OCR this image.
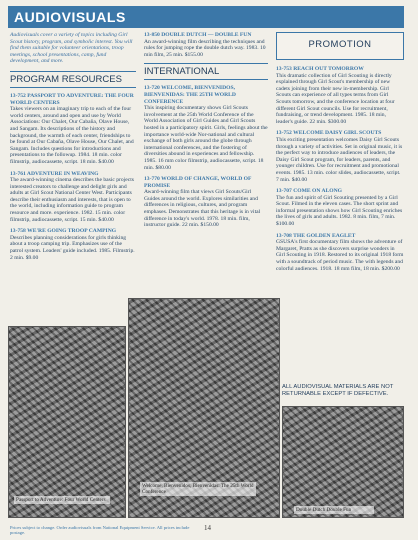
AUDIOVISUALS

Audiovisuals cover a variety of topics including Girl Scout history, program, and symbolic interest. You will find them suitable for volunteer orientations, troop meetings, school presentations, camp, fund development, and more.

PROGRAM RESOURCES
13-752 PASSPORT TO ADVENTURE: THE FOUR WORLD CENTERS
Takes viewers on an imaginary trip to each of the four world centers, around and open and use by World Associations: Our Chalet, Our Cabaña, Olave House, and Sangam. Its descriptions of the history and background, the warmth of each center, friendships to be found at Our Cabaña, Olave House, Our Chalet, and Sangam. Includes questions for introductions and presentations to the followup. 1984. 18 min. color filmstrip, audiocassette, script. 18 min. $40.00
13-761 ADVENTURE IN WEAVING
The award-winning cinema describes the basic projects interested creators to challenge and delight girls and adults at Girl Scout National Center West. Participants describe their enthusiasm and interests, that is open to the world, including information guide to program resource and more. experience. 1982. 15 min. color filmstrip, audiocassette, script. 15 min. $40.00
13-758 WE'RE GOING TROOP CAMPING
Describes planning considerations for girls thinking about a troop camping trip. Emphasizes use of the patrol system. Leaders' guide included. 1985. Filmstrip. 2 min. $9.00
13-850 DOUBLE DUTCH — DOUBLE FUN
An award-winning film describing the techniques and rules for jumping rope the double dutch way. 1983. 10 min film, 25 min. $155.00
INTERNATIONAL
13-720 WELCOME, BIENVENIDOS, BIENVENIDAS: THE 25TH WORLD CONFERENCE
This inspiring documentary shows Girl Scouts involvement at the 25th World Conference of the World Association of Girl Guides and Girl Scouts hosted in a participatory spirit. Girls, feelings about the importance world-wide Nor-national and cultural exchange of both girls around the globe through international conferences, and the fostering of diversities abound in experiences and fellowship. 1985. 16 mm color filmstrip, audiocassette, script. 18 min. $80.00
13-770 WORLD OF CHANGE, WORLD OF PROMISE
Award-winning film that views Girl Scouts/Girl Guides around the world. Explores similarities and differences in religious, cultures, and program emphases. Demonstrates that this heritage is in vital difference in today's world. 1978. 18 min. film, instructor guide. 22 min. $150.00
PROMOTION
13-753 REACH OUT TOMORROW
This dramatic collection of Girl Scouting is directly explained through Girl Scout's membership of new cadets joining from their new in-membership. Girl Scouts can experience of all types terms from Girl Scouts tomorrow, and the conference location at four different Girl Scout councils. Use for recruitment, fundraising, or trend development. 1985. 18 min, leader's guide. 22 min. $300.00
13-752 WELCOME DAISY GIRL SCOUTS
This exciting presentation welcomes Daisy Girl Scouts through a variety of activities. Set in original music, it is the perfect way to introduce audiences of leaders, the Daisy Girl Scout program, for leaders, parents, and younger children. Use for recruitment and promotional events. 1985. 13 min. color slides, audiocassette, script. 7 min. $40.00
13-707 COME ON ALONG
The fun and spirit of Girl Scouting presented by a Girl Scout. Filmed in the eleven cases. The short sprint and informal presentation shows how Girl Scouting enriches the lives of girls and adults. 1982. 8 min. film, 7 min. $100.00
13-708 THE GOLDEN EAGLET
GSUSA's first documentary film shows the adventure of Margaret, Pratts as she discovers surprise wonders in Girl Scouting in 1918. Restored to its original 1918 form with a soundtrack of period music. The with legends and colorful audiences. 1918. 18 mm film, 18 min. $200.00
ALL AUDIOVISUAL MATERIALS ARE NOT RETURNABLE EXCEPT IF DEFECTIVE.
Passport to Adventure: Four World Centers
Welcome, Bienvenidos, Bienvenidas: The 25th World Conference
Double Dutch Double Fun
Prices subject to change. Order audiovisuals from National Equipment Service. All prices include postage.
14
